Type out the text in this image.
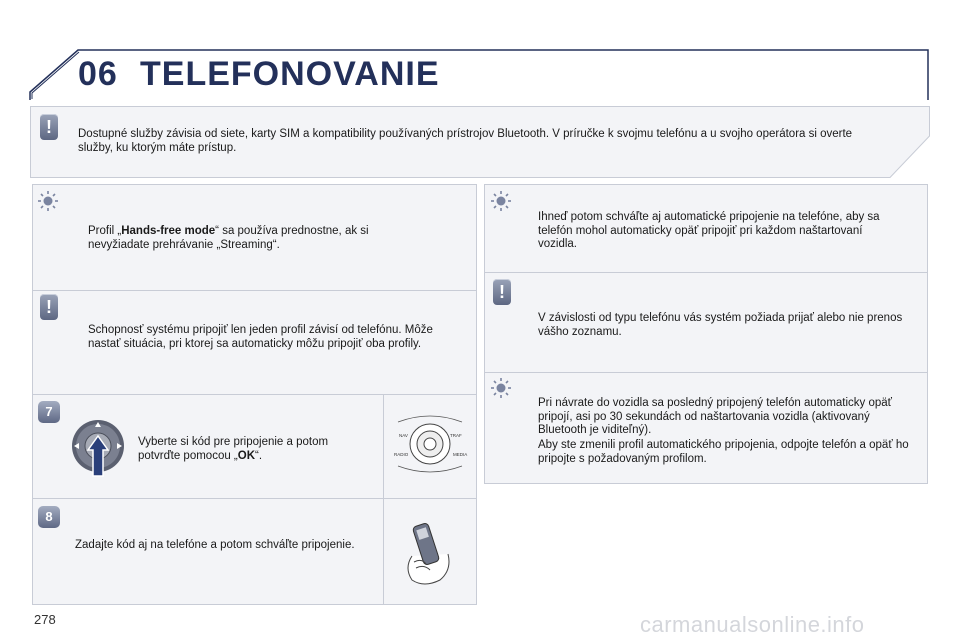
06 TELEFONOVANIE
!	Dostupné služby závisia od siete, karty SIM a kompatibility používaných prístrojov Bluetooth. V príručke k svojmu telefónu a u svojho operátora si overte služby, ku ktorým máte prístup.
Profil „Hands-free mode“ sa používa prednostne, ak si nevyžiadate prehrávanie „Streaming“.
!
Schopnosť systému pripojiť len jeden profil závisí od telefónu. Môže nastať situácia, pri ktorej sa automaticky môžu pripojiť oba profily.
7
Vyberte si kód pre pripojenie a potom potvrďte pomocou „OK“.
NAV	TRAF
RADIO	MEDIA
8
Zadajte kód aj na telefóne a potom schváľte pripojenie.
Ihneď potom schváľte aj automatické pripojenie na telefóne, aby sa telefón mohol automaticky opäť pripojiť pri každom naštartovaní vozidla.
!
V závislosti od typu telefónu vás systém požiada prijať alebo nie prenos vášho zoznamu.
Pri návrate do vozidla sa posledný pripojený telefón automaticky opäť pripojí, asi po 30 sekundách od naštartovania vozidla (aktivovaný Bluetooth je viditeľný).
Aby ste zmenili profil automatického pripojenia, odpojte telefón a opäť ho pripojte s požadovaným profilom.
278	carmanualsonline.info
